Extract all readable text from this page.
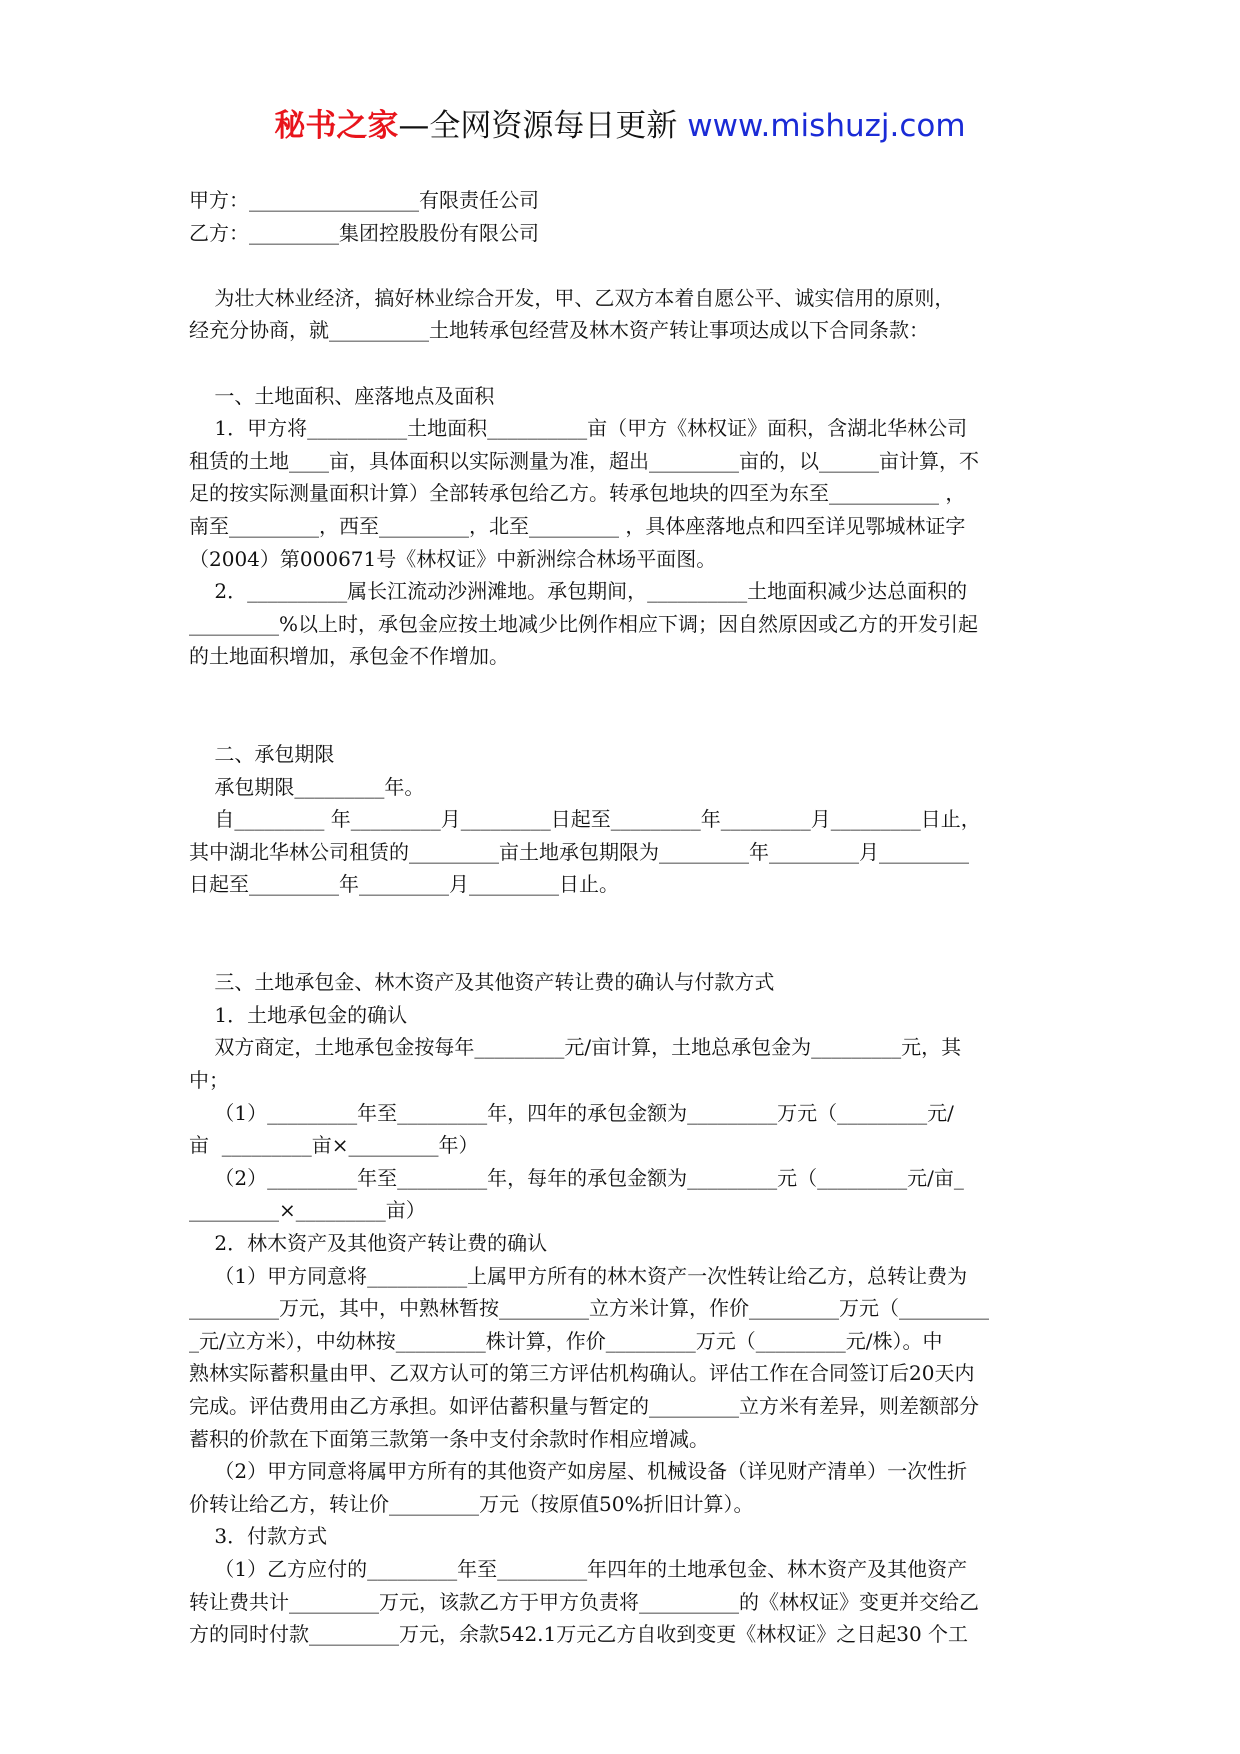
秘书之家—全网资源每日更新 www.mishuzj.com
甲方：_________________有限责任公司
乙方：_________集团控股股份有限公司
为壮大林业经济，搞好林业综合开发，甲、乙双方本着自愿公平、诚实信用的原则，
经充分协商，就__________土地转承包经营及林木资产转让事项达成以下合同条款：
一、土地面积、座落地点及面积
1．甲方将__________土地面积__________亩（甲方《林权证》面积，含湖北华林公司
租赁的土地____亩，具体面积以实际测量为准，超出_________亩的，以______亩计算，不
足的按实际测量面积计算）全部转承包给乙方。转承包地块的四至为东至___________ ，
南至_________，西至_________，北至_________ ，具体座落地点和四至详见鄂城林证字
（2004）第000671号《林权证》中新洲综合林场平面图。
2．__________属长江流动沙洲滩地。承包期间，__________土地面积减少达总面积的
_________%以上时，承包金应按土地减少比例作相应下调；因自然原因或乙方的开发引起
的土地面积增加，承包金不作增加。
二、承包期限
承包期限_________年。
自_________ 年_________月_________日起至_________年_________月_________日止，
其中湖北华林公司租赁的_________亩土地承包期限为_________年_________月_________
日起至_________年_________月_________日止。
三、土地承包金、林木资产及其他资产转让费的确认与付款方式
1．土地承包金的确认
双方商定，土地承包金按每年_________元/亩计算，土地总承包金为_________元，其
中；
（1）_________年至_________年，四年的承包金额为_________万元（_________元/
亩  _________亩×_________年）
（2）_________年至_________年，每年的承包金额为_________元（_________元/亩_
_________×_________亩）
2．林木资产及其他资产转让费的确认
（1）甲方同意将__________上属甲方所有的林木资产一次性转让给乙方，总转让费为
_________万元，其中，中熟林暂按_________立方米计算，作价_________万元（_________
_元/立方米），中幼林按_________株计算，作价_________万元（_________元/株）。中
熟林实际蓄积量由甲、乙双方认可的第三方评估机构确认。评估工作在合同签订后20天内
完成。评估费用由乙方承担。如评估蓄积量与暂定的_________立方米有差异，则差额部分
蓄积的价款在下面第三款第一条中支付余款时作相应增减。
（2）甲方同意将属甲方所有的其他资产如房屋、机械设备（详见财产清单）一次性折
价转让给乙方，转让价_________万元（按原值50%折旧计算）。
3．付款方式
（1）乙方应付的_________年至_________年四年的土地承包金、林木资产及其他资产
转让费共计_________万元，该款乙方于甲方负责将__________的《林权证》变更并交给乙
方的同时付款_________万元，余款542.1万元乙方自收到变更《林权证》之日起30 个工
